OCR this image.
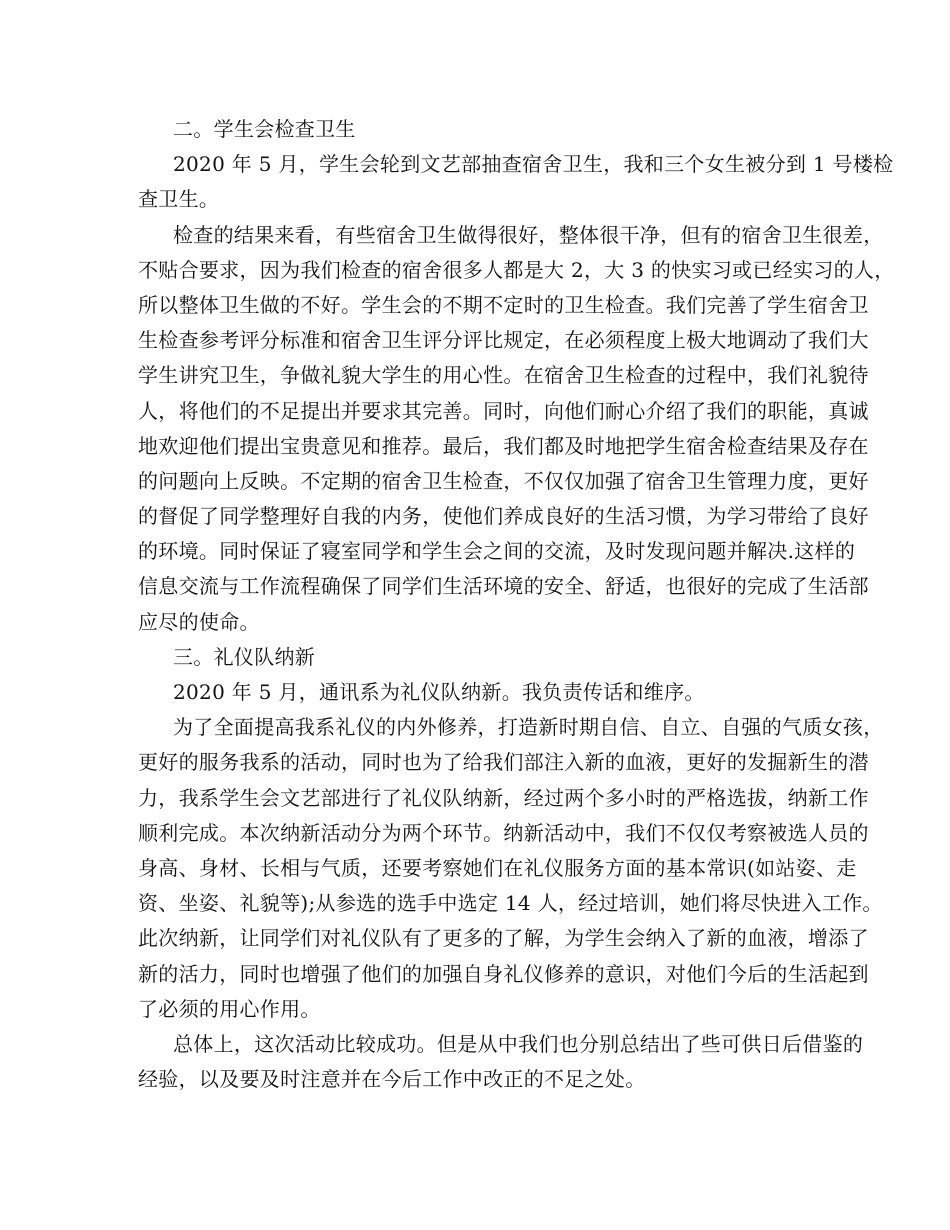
二。学生会检查卫生
2020 年 5 月，学生会轮到文艺部抽查宿舍卫生，我和三个女生被分到 1 号楼检
查卫生。
检查的结果来看，有些宿舍卫生做得很好，整体很干净，但有的宿舍卫生很差，
不贴合要求，因为我们检查的宿舍很多人都是大 2，大 3 的快实习或已经实习的人，
所以整体卫生做的不好。学生会的不期不定时的卫生检查。我们完善了学生宿舍卫
生检查参考评分标准和宿舍卫生评分评比规定，在必须程度上极大地调动了我们大
学生讲究卫生，争做礼貌大学生的用心性。在宿舍卫生检查的过程中，我们礼貌待
人，将他们的不足提出并要求其完善。同时，向他们耐心介绍了我们的职能，真诚
地欢迎他们提出宝贵意见和推荐。最后，我们都及时地把学生宿舍检查结果及存在
的问题向上反映。不定期的宿舍卫生检查，不仅仅加强了宿舍卫生管理力度，更好
的督促了同学整理好自我的内务，使他们养成良好的生活习惯，为学习带给了良好
的环境。同时保证了寝室同学和学生会之间的交流，及时发现问题并解决.这样的
信息交流与工作流程确保了同学们生活环境的安全、舒适，也很好的完成了生活部
应尽的使命。
三。礼仪队纳新
2020 年 5 月，通讯系为礼仪队纳新。我负责传话和维序。
为了全面提高我系礼仪的内外修养，打造新时期自信、自立、自强的气质女孩，
更好的服务我系的活动，同时也为了给我们部注入新的血液，更好的发掘新生的潜
力，我系学生会文艺部进行了礼仪队纳新，经过两个多小时的严格选拔，纳新工作
顺利完成。本次纳新活动分为两个环节。纳新活动中，我们不仅仅考察被选人员的
身高、身材、长相与气质，还要考察她们在礼仪服务方面的基本常识(如站姿、走
资、坐姿、礼貌等);从参选的选手中选定 14 人，经过培训，她们将尽快进入工作。
此次纳新，让同学们对礼仪队有了更多的了解，为学生会纳入了新的血液，增添了
新的活力，同时也增强了他们的加强自身礼仪修养的意识，对他们今后的生活起到
了必须的用心作用。
总体上，这次活动比较成功。但是从中我们也分别总结出了些可供日后借鉴的
经验，以及要及时注意并在今后工作中改正的不足之处。
